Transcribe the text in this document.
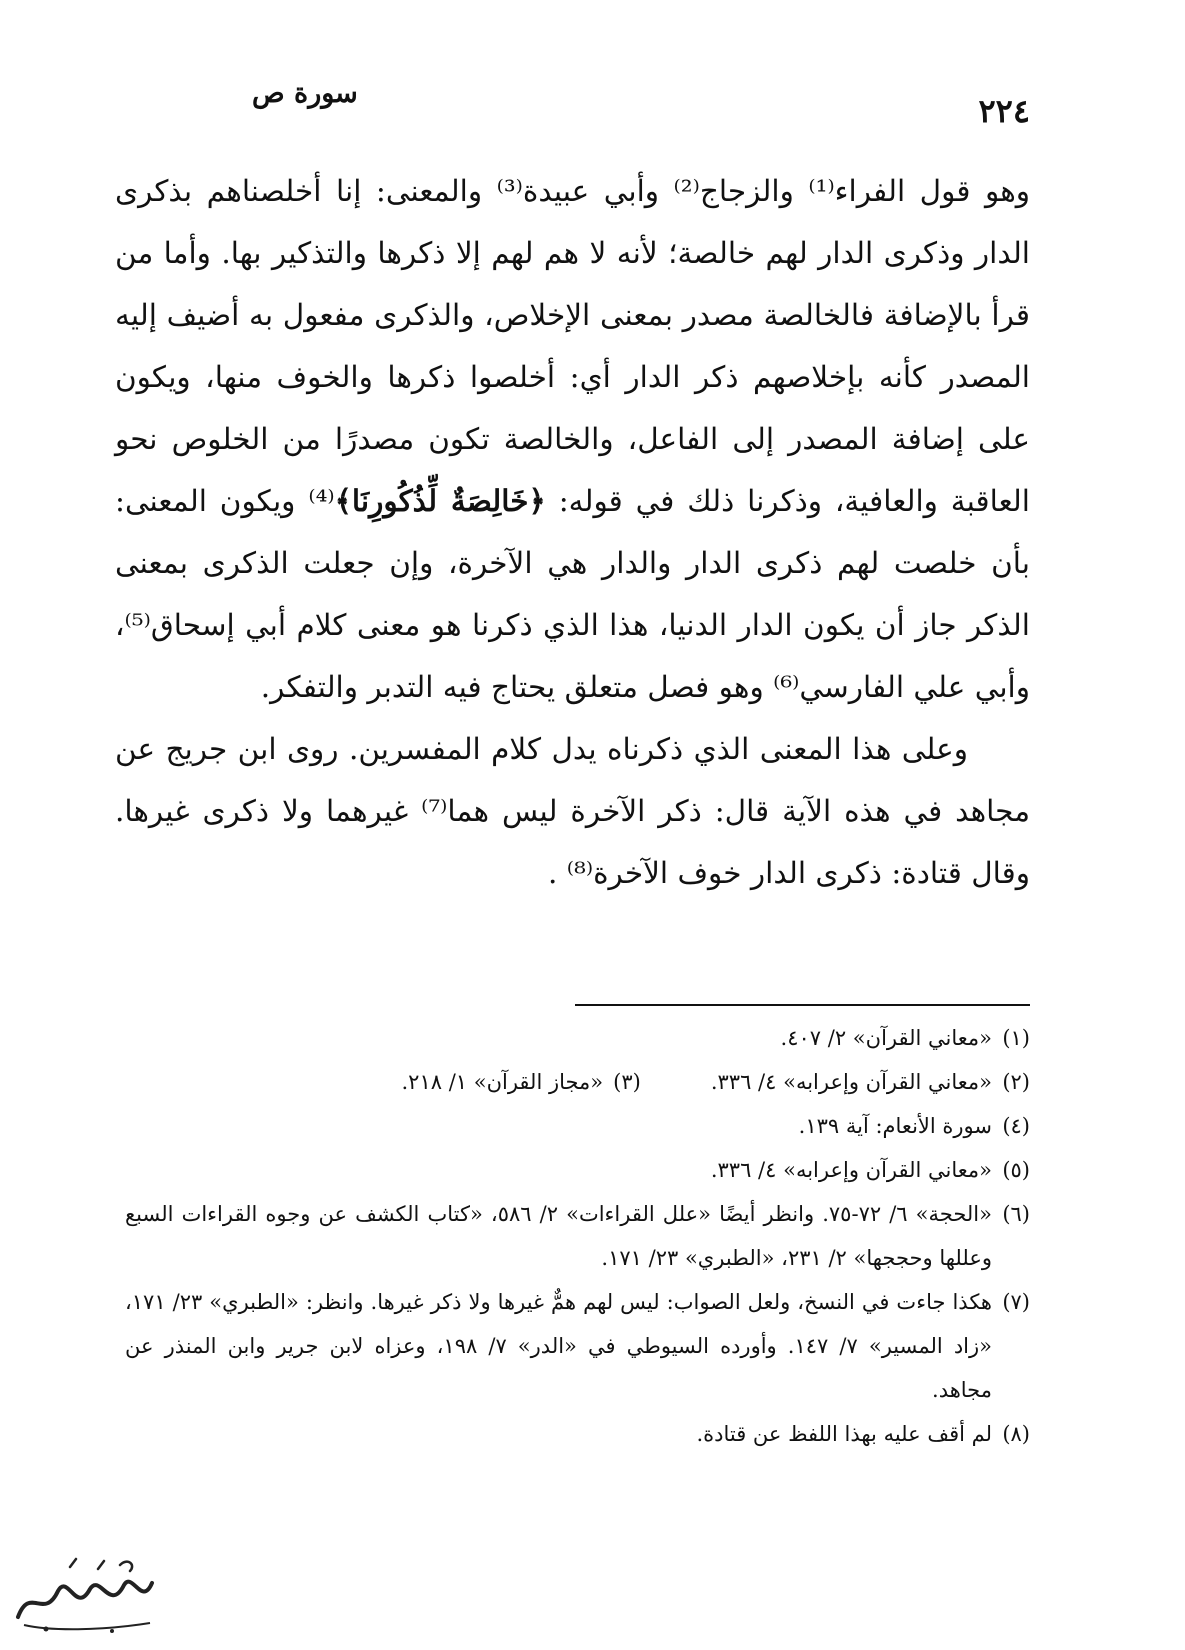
٢٢٤
سورة ص

وهو قول الفراء⁽¹⁾ والزجاج⁽²⁾ وأبي عبيدة⁽³⁾ والمعنى: إنا أخلصناهم بذكرى الدار وذكرى الدار لهم خالصة؛ لأنه لا هم لهم إلا ذكرها والتذكير بها. وأما من قرأ بالإضافة فالخالصة مصدر بمعنى الإخلاص، والذكرى مفعول به أضيف إليه المصدر كأنه بإخلاصهم ذكر الدار أي: أخلصوا ذكرها والخوف منها، ويكون على إضافة المصدر إلى الفاعل، والخالصة تكون مصدرًا من الخلوص نحو العاقبة والعافية، وذكرنا ذلك في قوله: ﴿خَالِصَةٌ لِّذُكُورِنَا﴾⁽⁴⁾ ويكون المعنى: بأن خلصت لهم ذكرى الدار والدار هي الآخرة، وإن جعلت الذكرى بمعنى الذكر جاز أن يكون الدار الدنيا، هذا الذي ذكرنا هو معنى كلام أبي إسحاق⁽⁵⁾، وأبي علي الفارسي⁽⁶⁾ وهو فصل متعلق يحتاج فيه التدبر والتفكر.

وعلى هذا المعنى الذي ذكرناه يدل كلام المفسرين. روى ابن جريج عن مجاهد في هذه الآية قال: ذكر الآخرة ليس هما⁽⁷⁾ غيرهما ولا ذكرى غيرها. وقال قتادة: ذكرى الدار خوف الآخرة⁽⁸⁾ .

(١)
«معاني القرآن» ٢/ ٤٠٧.
(٢)
«معاني القرآن وإعرابه» ٤/ ٣٣٦.
(٣)
«مجاز القرآن» ١/ ٢١٨.
(٤)
سورة الأنعام: آية ١٣٩.
(٥)
«معاني القرآن وإعرابه» ٤/ ٣٣٦.
(٦)
«الحجة» ٦/ ٧٢-٧٥. وانظر أيضًا «علل القراءات» ٢/ ٥٨٦، «كتاب الكشف عن وجوه القراءات السبع وعللها وحججها» ٢/ ٢٣١، «الطبري» ٢٣/ ١٧١.
(٧)
هكذا جاءت في النسخ، ولعل الصواب: ليس لهم همٌّ غيرها ولا ذكر غيرها. وانظر: «الطبري» ٢٣/ ١٧١، «زاد المسير» ٧/ ١٤٧. وأورده السيوطي في «الدر» ٧/ ١٩٨، وعزاه لابن جرير وابن المنذر عن مجاهد.
(٨)
لم أقف عليه بهذا اللفظ عن قتادة.
